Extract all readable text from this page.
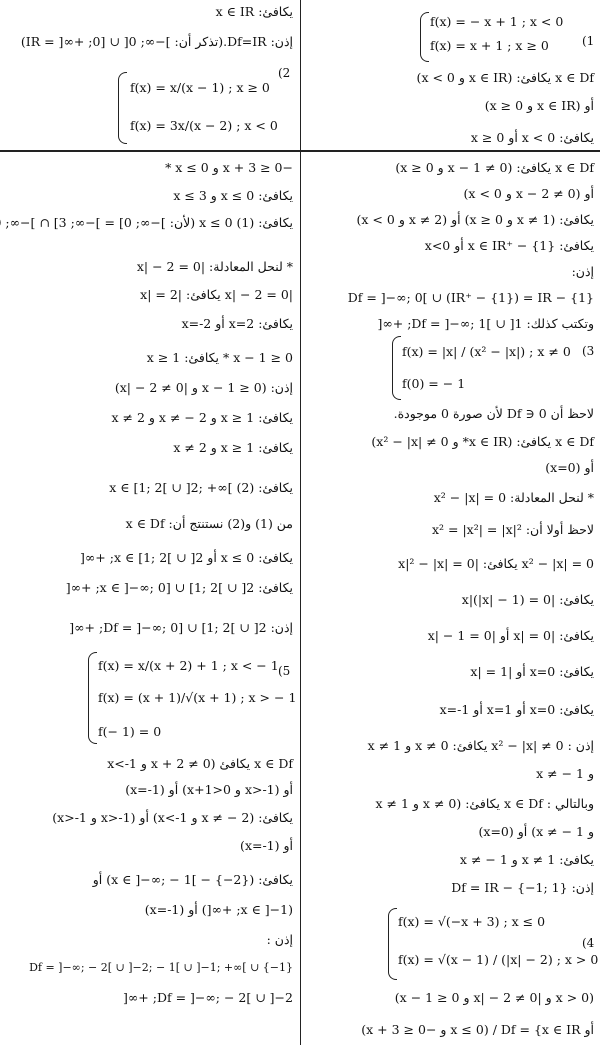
يكافئ: x ∈ IR
إذن: Df=IR.(تذكر أن: ]−∞; 0[ ∪ [0; +∞[ = IR)
(2
f(x) = x/(x − 1) ; x ≥ 0
f(x) = 3x/(x − 2) ; x < 0
−x + 3 ≥ 0 و x ≤ 0 *
يكافئ: x ≤ 0 و x ≤ 3
يكافئ: x ≤ 0 (1) (لأن: ]−∞; 0] = ]−∞; 3] ∩ ]−∞;
* لنحل المعادلة: |x| − 2 = 0
|x| − 2 = 0 يكافئ: |x| = 2
يكافئ: x=2 أو x=-2
x − 1 ≥ 0 * يكافئ: x ≥ 1
إذن: (x − 1 ≥ 0 و |x| − 2 ≠ 0)
يكافئ: x ≥ 1 و x ≠ − 2 و x ≠ 2
يكافئ: x ≥ 1 و x ≠ 2
يكافئ: x ∈ [1; 2[ ∪ ]2; +∞[ (2)
من (1) و(2) نستنتج أن: x ∈ Df
يكافئ: x ≤ 0 أو x ∈ [1; 2[ ∪ ]2; +∞[
يكافئ: x ∈ ]−∞; 0] ∪ [1; 2[ ∪ ]2; +∞[
إذن: Df = ]−∞; 0] ∪ [1; 2[ ∪ ]2; +∞[
(5
f(x) = x/(x + 2) + 1 ; x < − 1
f(x) = (x + 1)/√(x + 1) ; x > − 1
f(− 1) = 0
x ∈ Df يكافئ (x + 2 ≠ 0 و x<-1
أو (x>-1 و x+1>0) أو (x=-1)
يكافئ: (x ≠ − 2 و x<-1) أو (x>-1 و x>-1)
أو (x=-1)
يكافئ: (x ∈ ]−∞; − 1[ − {−2}) أو
(x ∈ ]−1; +∞[) أو (x=-1)
إذن :
Df = ]−∞; − 2[ ∪ ]−2; − 1[ ∪ ]−1; +∞[ ∪ {−1}
Df = ]−∞; − 2[ ∪ ]−2; +∞[
(1
f(x) = − x + 1 ; x < 0
f(x) = x + 1 ; x ≥ 0
x ∈ Df يكافئ: (x ∈ IR و x < 0)
أو (x ∈ IR و x ≥ 0)
يكافئ: x < 0 أو x ≥ 0
x ∈ Df يكافئ: (x − 1 ≠ 0 و x ≥ 0)
أو (x − 2 ≠ 0 و x < 0)
يكافئ: (x ≠ 1 و x ≥ 0) أو (x ≠ 2 و x < 0)
يكافئ: x ∈ IR⁺ − {1} أو x<0
إذن:
Df = ]−∞; 0[ ∪ (IR⁺ − {1}) = IR − {1}
وتكتب كذلك: Df = ]−∞; 1[ ∪ ]1; +∞[
(3
f(x) = |x| / (x² − |x|) ; x ≠ 0
f(0) = − 1
لاحظ أن 0 ∈ Df لأن صورة 0 موجودة.
x ∈ Df يكافئ: (x ∈ IR* و x² − |x| ≠ 0)
أو (x=0)
* لنحل المعادلة: x² − |x| = 0
لاحظ أولا أن: x² = |x²| = |x|²
x² − |x| = 0 يكافئ: |x|² − |x| = 0
يكافئ: |x|(|x| − 1) = 0
يكافئ: |x| = 0 أو |x| − 1 = 0
يكافئ: x=0 أو |x| = 1
يكافئ: x=0 أو x=1 أو x=-1
إذن : x² − |x| ≠ 0 يكافئ: x ≠ 0 و x ≠ 1
و x ≠ − 1
وبالتالي : x ∈ Df يكافئ: (x ≠ 0 و x ≠ 1
و x ≠ − 1) أو (x=0)
يكافئ: x ≠ 1 و x ≠ − 1
إذن: Df = IR − {−1; 1}
(4
f(x) = √(−x + 3) ; x ≤ 0
f(x) = √(x − 1) / (|x| − 2) ; x > 0
(x > 0 و |x| − 2 ≠ 0 و x − 1 ≥ 0)
أو Df = {x ∈ IR / (x ≤ 0 و −x + 3 ≥ 0)
